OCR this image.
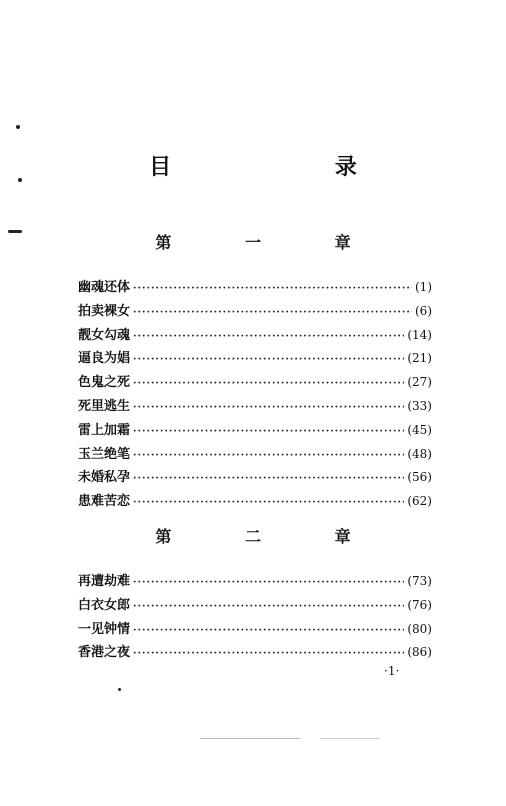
目 录
第 一 章
幽魂还体 ·····	(1)
拍卖裸女 ·····	(6)
靓女勾魂 ·····	(14)
逼良为娼 ·····	(21)
色鬼之死 ·····	(27)
死里逃生 ·····	(33)
雷上加霜 ·····	(45)
玉兰绝笔 ·····	(48)
未婚私孕 ·····	(56)
患难苦恋 ·····	(62)
第 二 章
再遭劫难 ·····	(73)
白衣女郎 ·····	(76)
一见钟情 ·····	(80)
香港之夜 ·····	(86)
·1·
